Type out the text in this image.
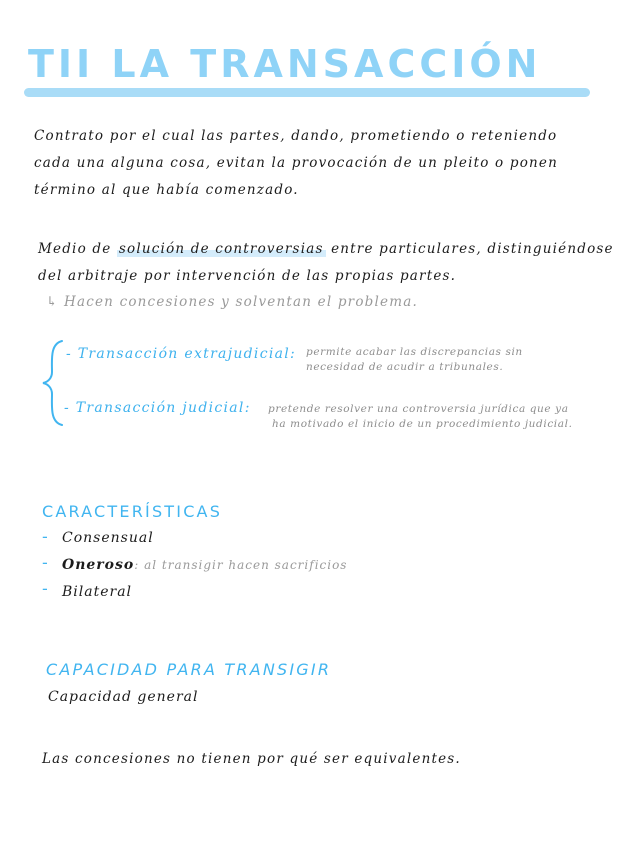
TII LA TRANSACCIÓN
Contrato por el cual las partes, dando, prometiendo o reteniendo
cada una alguna cosa, evitan la provocación de un pleito o ponen
término al que había comenzado.
Medio de solución de controversias entre particulares, distinguiéndose
del arbitraje por intervención de las propias partes.
↳ Hacen concesiones y solventan el problema.
- Transacción extrajudicial: permite acabar las discrepancias sin
necesidad de acudir a tribunales.
- Transacción judicial: pretende resolver una controversia jurídica que ya
ha motivado el inicio de un procedimiento judicial.
CARACTERÍSTICAS
- Consensual
- Oneroso: al transigir hacen sacrificios
- Bilateral
CAPACIDAD PARA TRANSIGIR
Capacidad general
Las concesiones no tienen por qué ser equivalentes.
